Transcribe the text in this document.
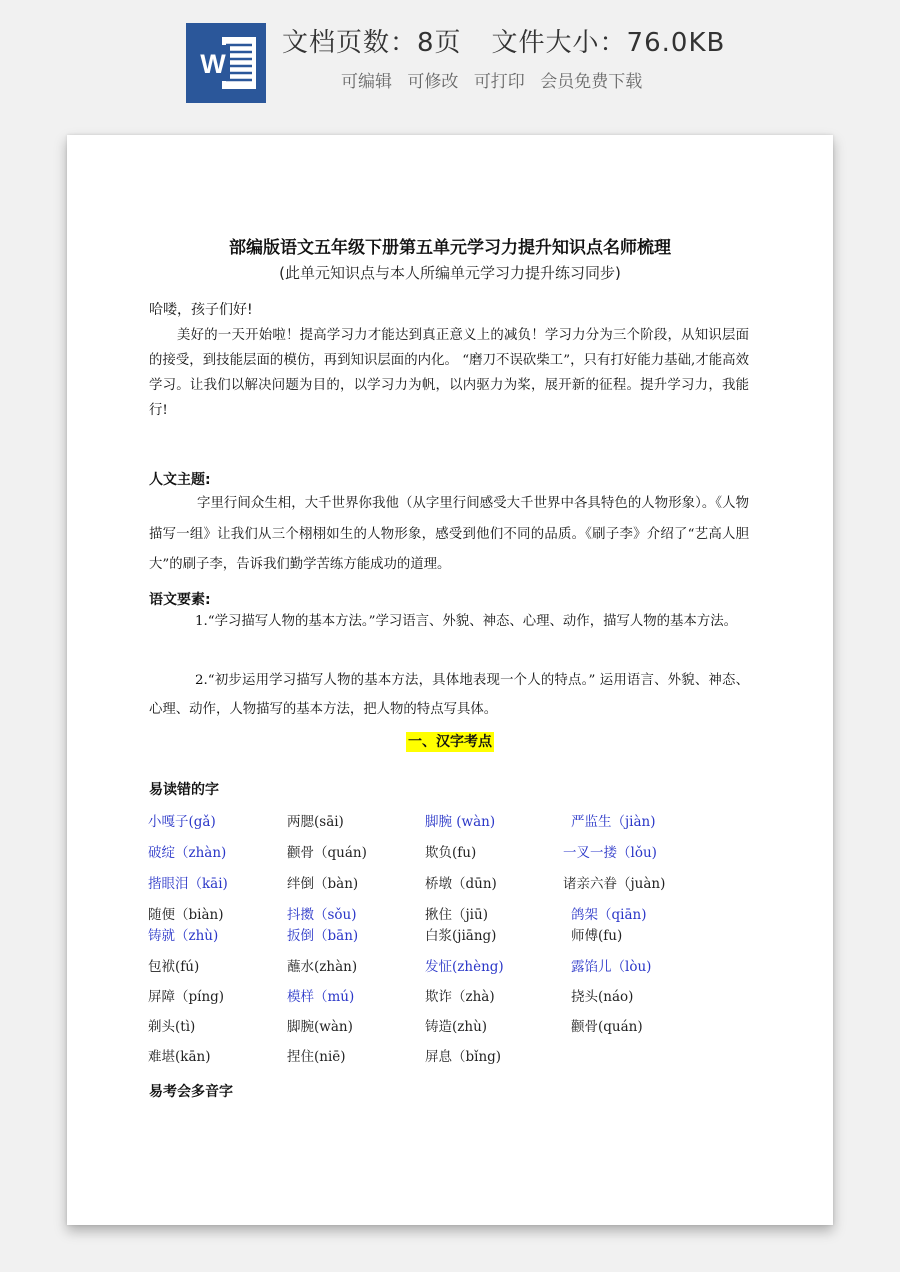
W
文档页数：8页 文件大小：76.0KB
可编辑 可修改 可打印 会员免费下载
部编版语文五年级下册第五单元学习力提升知识点名师梳理
(此单元知识点与本人所编单元学习力提升练习同步)
哈喽，孩子们好!
美好的一天开始啦！提高学习力才能达到真正意义上的减负！学习力分为三个阶段，从知识层面的接受，到技能层面的模仿，再到知识层面的内化。 “磨刀不误砍柴工”，只有打好能力基础,才能高效学习。让我们以解决问题为目的，以学习力为帆，以内驱力为桨，展开新的征程。提升学习力，我能行!
人文主题:
字里行间众生相，大千世界你我他（从字里行间感受大千世界中各具特色的人物形象）。《人物描写一组》让我们从三个栩栩如生的人物形象，感受到他们不同的品质。《刷子李》介绍了“艺高人胆大”的刷子李，告诉我们勤学苦练方能成功的道理。
语文要素:
1.“学习描写人物的基本方法。”学习语言、外貌、神态、心理、动作，描写人物的基本方法。
2.“初步运用学习描写人物的基本方法，具体地表现一个人的特点。” 运用语言、外貌、神态、心理、动作，人物描写的基本方法，把人物的特点写具体。
一、汉字考点
易读错的字
小嘎子(gǎ)	两腮(sāi)	脚腕 (wàn)	严监生（jiàn)
破绽（zhàn)	颧骨（quán)	欺负(fu)	一叉一搂（lǒu)
揩眼泪（kāi)	绊倒（bàn)	桥墩（dūn)	诸亲六眷（juàn)
随便（biàn)	抖擞（sǒu)	揪住（jiū)	鸽架（qiān)
铸就（zhù)	扳倒（bān)	白浆(jiāng)	师傅(fu)
包袱(fú)	蘸水(zhàn)	发怔(zhèng)	露馅儿（lòu)
屏障（píng)	模样（mú)	欺诈（zhà)	挠头(náo)
剃头(tì)	脚腕(wàn)	铸造(zhù)	颧骨(quán)
难堪(kān)	捏住(niē)	屏息（bǐng)
易考会多音字
